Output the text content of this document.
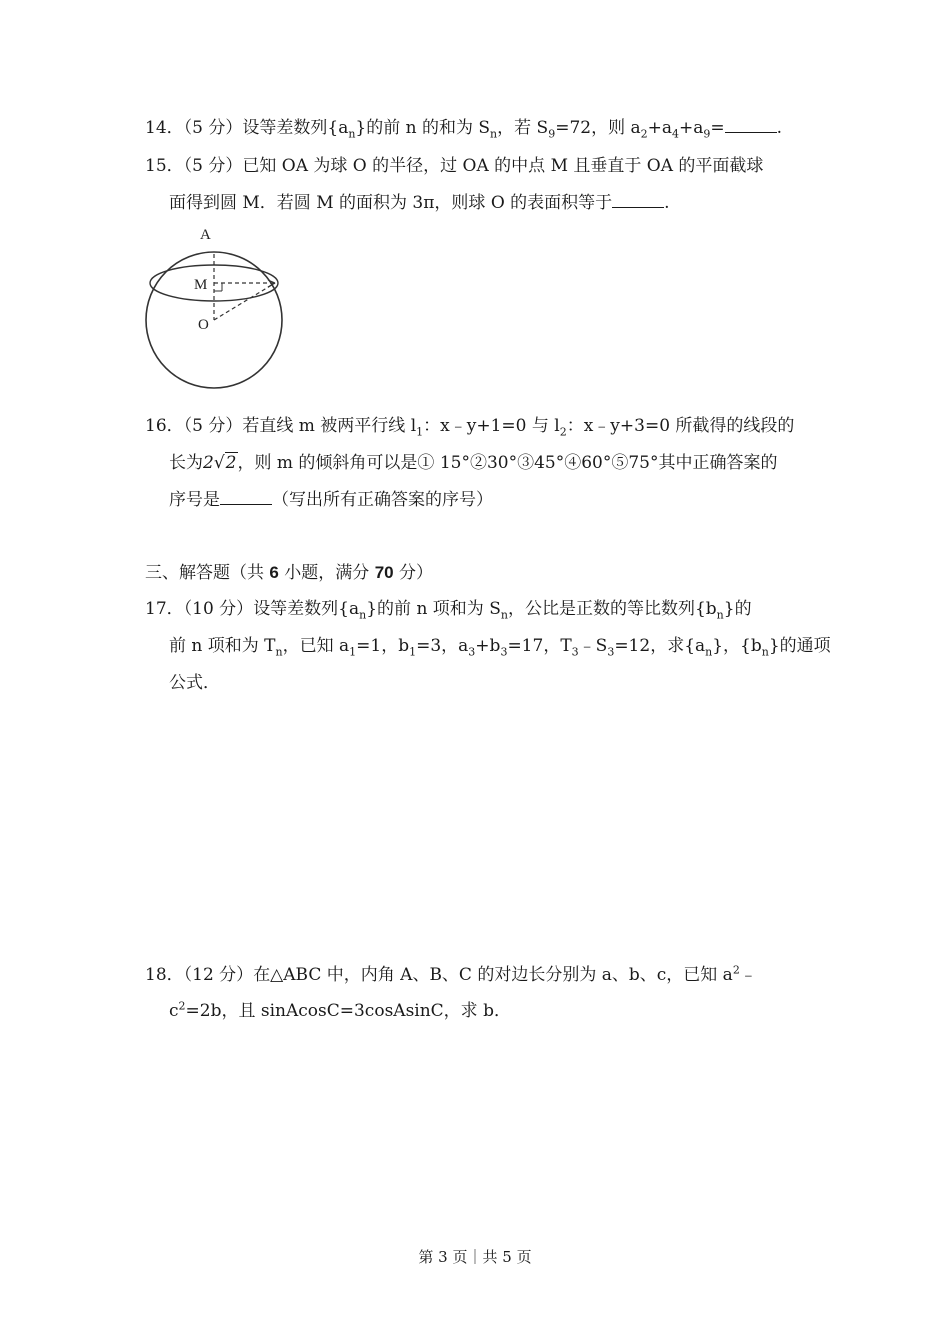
14．（5 分）设等差数列$\{a_n\}$的前 n 的和为 $S_n$，若 $S_9=72$，则 $a_2+a_4+a_9=$	.
15．（5 分）已知 OA 为球 O 的半径，过 OA 的中点 M 且垂直于 OA 的平面截球
面得到圆 M．若圆 M 的面积为 3π，则球 O 的表面积等于	.
A
M
O
16．（5 分）若直线 m 被两平行线 $l_1$：x﹣y+1=0 与 $l_2$：x﹣y+3=0 所截得的线段的
长为2√2，则 m 的倾斜角可以是① 15°②30°③45°④60°⑤75°其中正确答案的
序号是	（写出所有正确答案的序号）
三、解答题（共 6 小题，满分 70 分）
17．（10 分）设等差数列$\{a_n\}$的前 n 项和为 $S_n$，公比是正数的等比数列$\{b_n\}$的
前 n 项和为 $T_n$，已知 $a_1=1$，$b_1=3$，$a_3+b_3=17$，$T_3﹣S_3=12$，求$\{a_n\}$，$\{b_n\}$的通项
公式．
18．（12 分）在△ABC 中，内角 A、B、C 的对边长分别为 a、b、c，已知 $a^2﹣$
$c^2=2b$，且 sinAcosC=3cosAsinC，求 b．
第 3 页｜共 5 页
